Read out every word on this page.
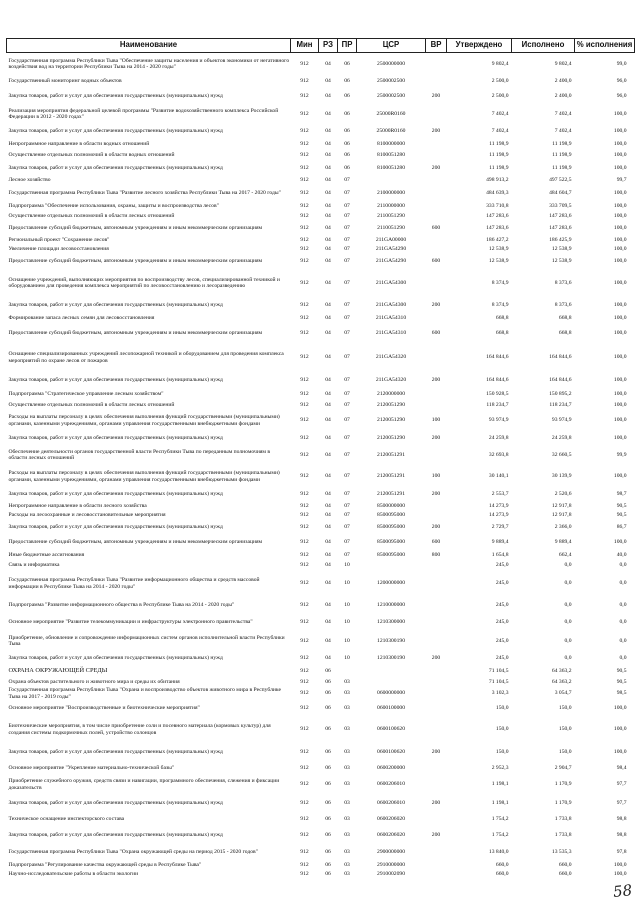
Наименование	Мин	РЗ	ПР	ЦСР	ВР	Утверждено	Исполнено	% исполнения
Государственная программа Республики Тыва "Обеспечение защиты населения и объектов экономики от негативного воздействия вод на территории Республики Тыва на 2014 - 2020 годы"	912	04	06	2500000000		9 802,4	9 802,4	99,0
Государственный мониторинг водных объектов	912	04	06	2500002500		2 500,0	2 400,0	96,0
Закупка товаров, работ и услуг для обеспечения государственных (муниципальных) нужд	912	04	06	2500002500	200	2 500,0	2 400,0	96,0
Реализация мероприятия федеральной целевой программы "Развитие водохозяйственного комплекса Российской Федерации в 2012 - 2020 годах"	912	04	06	25000R0160		7 402,4	7 402,4	100,0
Закупка товаров, работ и услуг для обеспечения государственных (муниципальных) нужд	912	04	06	25000R0160	200	7 402,4	7 402,4	100,0
Непрограммное направление в области водных отношений	912	04	06	8100000000		11 198,9	11 198,9	100,0
Осуществление отдельных полномочий в области водных отношений	912	04	06	8100051280		11 198,9	11 198,9	100,0
Закупка товаров, работ и услуг для обеспечения государственных (муниципальных) нужд	912	04	06	8100051280	200	11 198,9	11 198,9	100,0
Лесное хозяйство	912	04	07			498 913,2	497 522,5	99,7
Государственная программа Республики Тыва "Развитие лесного хозяйства Республики Тыва на 2017 - 2020 годы"	912	04	07	2100000000		484 639,3	484 604,7	100,0
Подпрограмма "Обеспечение использования, охраны, защиты и воспроизводства лесов"	912	04	07	2110000000		333 710,8	333 709,5	100,0
Осуществление отдельных полномочий в области лесных отношений	912	04	07	2110051290		147 283,6	147 283,6	100,0
Предоставление субсидий бюджетным, автономным учреждениям и иным некоммерческим организациям	912	04	07	2110051290	600	147 283,6	147 283,6	100,0
Региональный проект "Сохранение лесов"	912	04	07	211GA00000		186 427,2	186 425,9	100,0
Увеличение площади лесовосстановления	912	04	07	211GA54290		12 538,9	12 538,9	100,0
Предоставление субсидий бюджетным, автономным учреждениям и иным некоммерческим организациям	912	04	07	211GA54290	600	12 538,9	12 538,9	100,0
Оснащение учреждений, выполняющих мероприятия по воспроизводству лесов, специализированной техникой и оборудованием для проведения комплекса мероприятий по лесовосстановлению и лесоразведению	912	04	07	211GA54300		8 374,9	8 373,6	100,0
Закупка товаров, работ и услуг для обеспечения государственных (муниципальных) нужд	912	04	07	211GA54300	200	8 374,9	8 373,6	100,0
Формирование запаса лесных семян для лесовосстановления	912	04	07	211GA54310		668,8	668,8	100,0
Предоставление субсидий бюджетным, автономным учреждениям и иным некоммерческим организациям	912	04	07	211GA54310	600	668,8	668,8	100,0
Оснащение специализированных учреждений лесопожарной техникой и оборудованием для проведения комплекса мероприятий по охране лесов от пожаров	912	04	07	211GA54320		164 844,6	164 844,6	100,0
Закупка товаров, работ и услуг для обеспечения государственных (муниципальных) нужд	912	04	07	211GA54320	200	164 844,6	164 844,6	100,0
Подпрограмма "Стратегическое управление лесным хозяйством"	912	04	07	2120000000		150 928,5	150 895,2	100,0
Осуществление отдельных полномочий в области лесных отношений	912	04	07	2120051290		118 234,7	118 234,7	100,0
Расходы на выплаты персоналу в целях обеспечения выполнения функций государственными (муниципальными) органами, казенными учреждениями, органами управления государственными внебюджетными фондами	912	04	07	2120051290	100	93 974,9	93 974,9	100,0
Закупка товаров, работ и услуг для обеспечения государственных (муниципальных) нужд	912	04	07	2120051290	200	24 259,8	24 259,8	100,0
Обеспечение деятельности органов государственной власти Республики Тыва по переданным полномочиям в области лесных отношений	912	04	07	2120051291		32 693,8	32 660,5	99,9
Расходы на выплаты персоналу в целях обеспечения выполнения функций государственными (муниципальными) органами, казенными учреждениями, органами управления государственными внебюджетными фондами	912	04	07	2120051291	100	30 140,1	30 139,9	100,0
Закупка товаров, работ и услуг для обеспечения государственных (муниципальных) нужд	912	04	07	2120051291	200	2 553,7	2 520,6	98,7
Непрограммное направление в области лесного хозяйства	912	04	07	8500000000		14 273,9	12 917,8	90,5
Расходы на лесоохранные и лесовосстановительные мероприятия	912	04	07	8500095000		14 273,9	12 917,8	90,5
Закупка товаров, работ и услуг для обеспечения государственных (муниципальных) нужд	912	04	07	8500095000	200	2 729,7	2 366,0	86,7
Предоставление субсидий бюджетным, автономным учреждениям и иным некоммерческим организациям	912	04	07	8500095000	600	9 889,4	9 889,4	100,0
Иные бюджетные ассигнования	912	04	07	8500095000	800	1 654,8	662,4	40,0
Связь и информатика	912	04	10			245,0	0,0	0,0
Государственная программа Республики Тыва "Развитие информационного общества и средств массовой информации в Республике Тыва на 2014 - 2020 годы"	912	04	10	1200000000		245,0	0,0	0,0
Подпрограмма "Развитие информационного общества в Республике Тыва на 2014 - 2020 годы"	912	04	10	1210000000		245,0	0,0	0,0
Основное мероприятие "Развитие телекоммуникации и инфраструктуры электронного правительства"	912	04	10	1210300000		245,0	0,0	0,0
Приобретение, обновление и сопровождение информационных систем органов исполнительной власти Республики Тыва	912	04	10	1210300190		245,0	0,0	0,0
Закупка товаров, работ и услуг для обеспечения государственных (муниципальных) нужд	912	04	10	1210300190	200	245,0	0,0	0,0
ОХРАНА ОКРУЖАЮЩЕЙ СРЕДЫ	912	06				71 104,5	64 363,2	90,5
Охрана объектов растительного и животного мира и среды их обитания	912	06	03			71 104,5	64 363,2	90,5
Государственная программа Республики Тыва "Охрана и воспроизводство объектов животного мира в Республике Тыва на 2017 - 2019 годы"	912	06	03	0600000000		3 102,3	3 054,7	98,5
Основное мероприятие "Воспроизводственные и биотехнические мероприятия"	912	06	03	0600100000		150,0	150,0	100,0
Биотехнические мероприятия, в том числе приобретение соли и посевного материала (кормовых культур) для создания системы подкормочных полей, устройство солонцов	912	06	03	0600100620		150,0	150,0	100,0
Закупка товаров, работ и услуг для обеспечения государственных (муниципальных) нужд	912	06	03	0600100620	200	150,0	150,0	100,0
Основное мероприятие "Укрепление материально-технической базы"	912	06	03	0600200000		2 952,3	2 904,7	98,4
Приобретение служебного оружия, средств связи и навигации, программного обеспечения, слежения и фиксации доказательств	912	06	03	0600206010		1 198,1	1 170,9	97,7
Закупка товаров, работ и услуг для обеспечения государственных (муниципальных) нужд	912	06	03	0600206010	200	1 198,1	1 170,9	97,7
Техническое оснащение инспекторского состава	912	06	03	0600206020		1 754,2	1 733,8	98,8
Закупка товаров, работ и услуг для обеспечения государственных (муниципальных) нужд	912	06	03	0600206020	200	1 754,2	1 733,8	98,8
Государственная программа Республики Тыва "Охрана окружающей среды на период 2015 - 2020 годов"	912	06	03	2900000000		13 840,0	13 535,3	97,8
Подпрограмма "Регулирование качества окружающей среды в Республике Тыва"	912	06	03	2910000000		660,0	660,0	100,0
Научно-исследовательские работы в области экологии	912	06	03	2910002090		660,0	660,0	100,0
58
